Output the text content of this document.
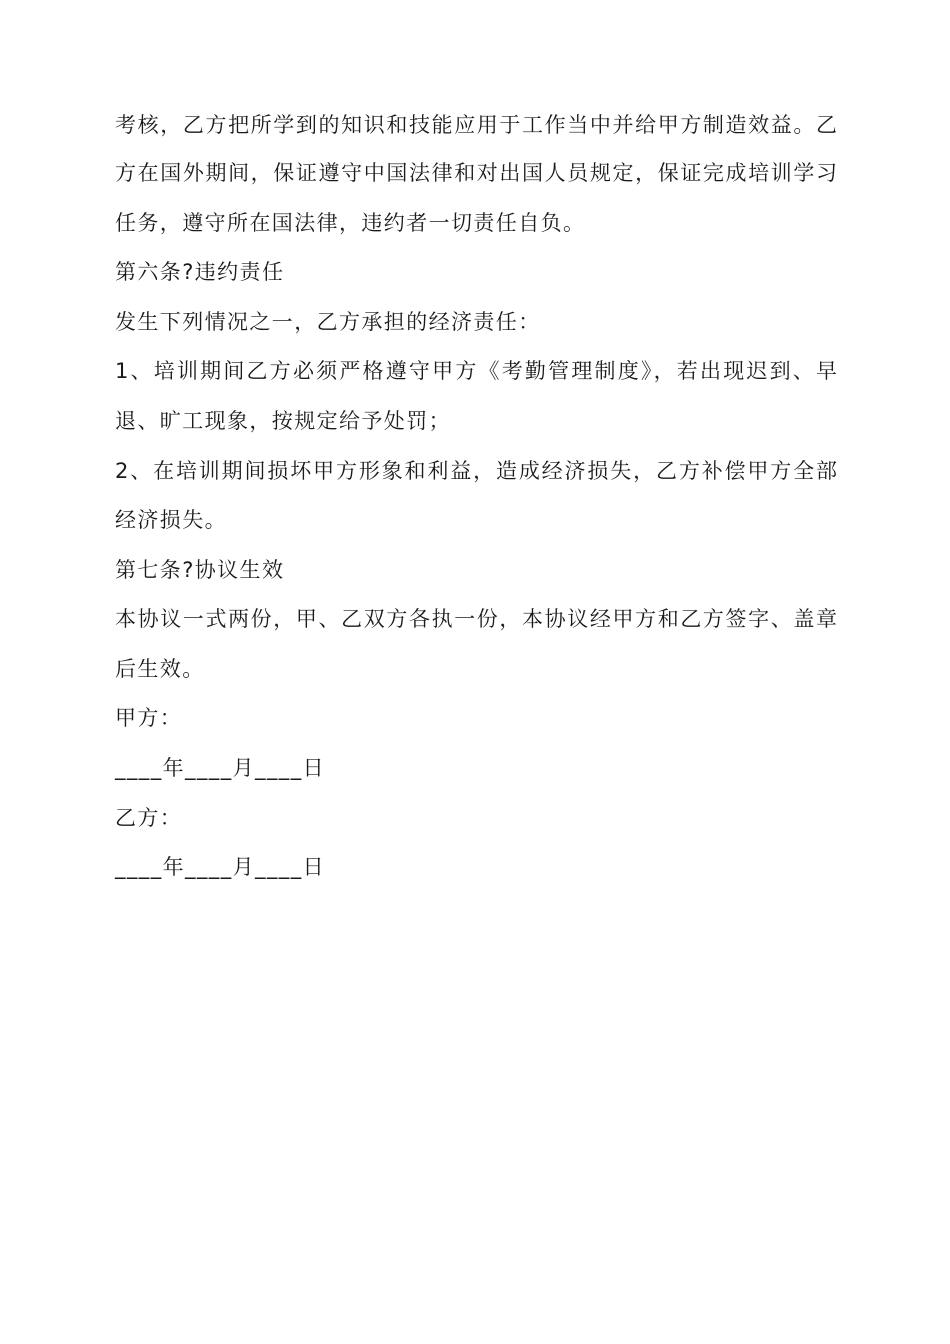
考核，乙方把所学到的知识和技能应用于工作当中并给甲方制造效益。乙
方在国外期间，保证遵守中国法律和对出国人员规定，保证完成培训学习
任务，遵守所在国法律，违约者一切责任自负。
第六条?违约责任
发生下列情况之一，乙方承担的经济责任：
1、培训期间乙方必须严格遵守甲方《考勤管理制度》，若出现迟到、早
退、旷工现象，按规定给予处罚；
2、在培训期间损坏甲方形象和利益，造成经济损失，乙方补偿甲方全部
经济损失。
第七条?协议生效
本协议一式两份，甲、乙双方各执一份，本协议经甲方和乙方签字、盖章
后生效。
甲方：
____年____月____日
乙方：
____年____月____日
